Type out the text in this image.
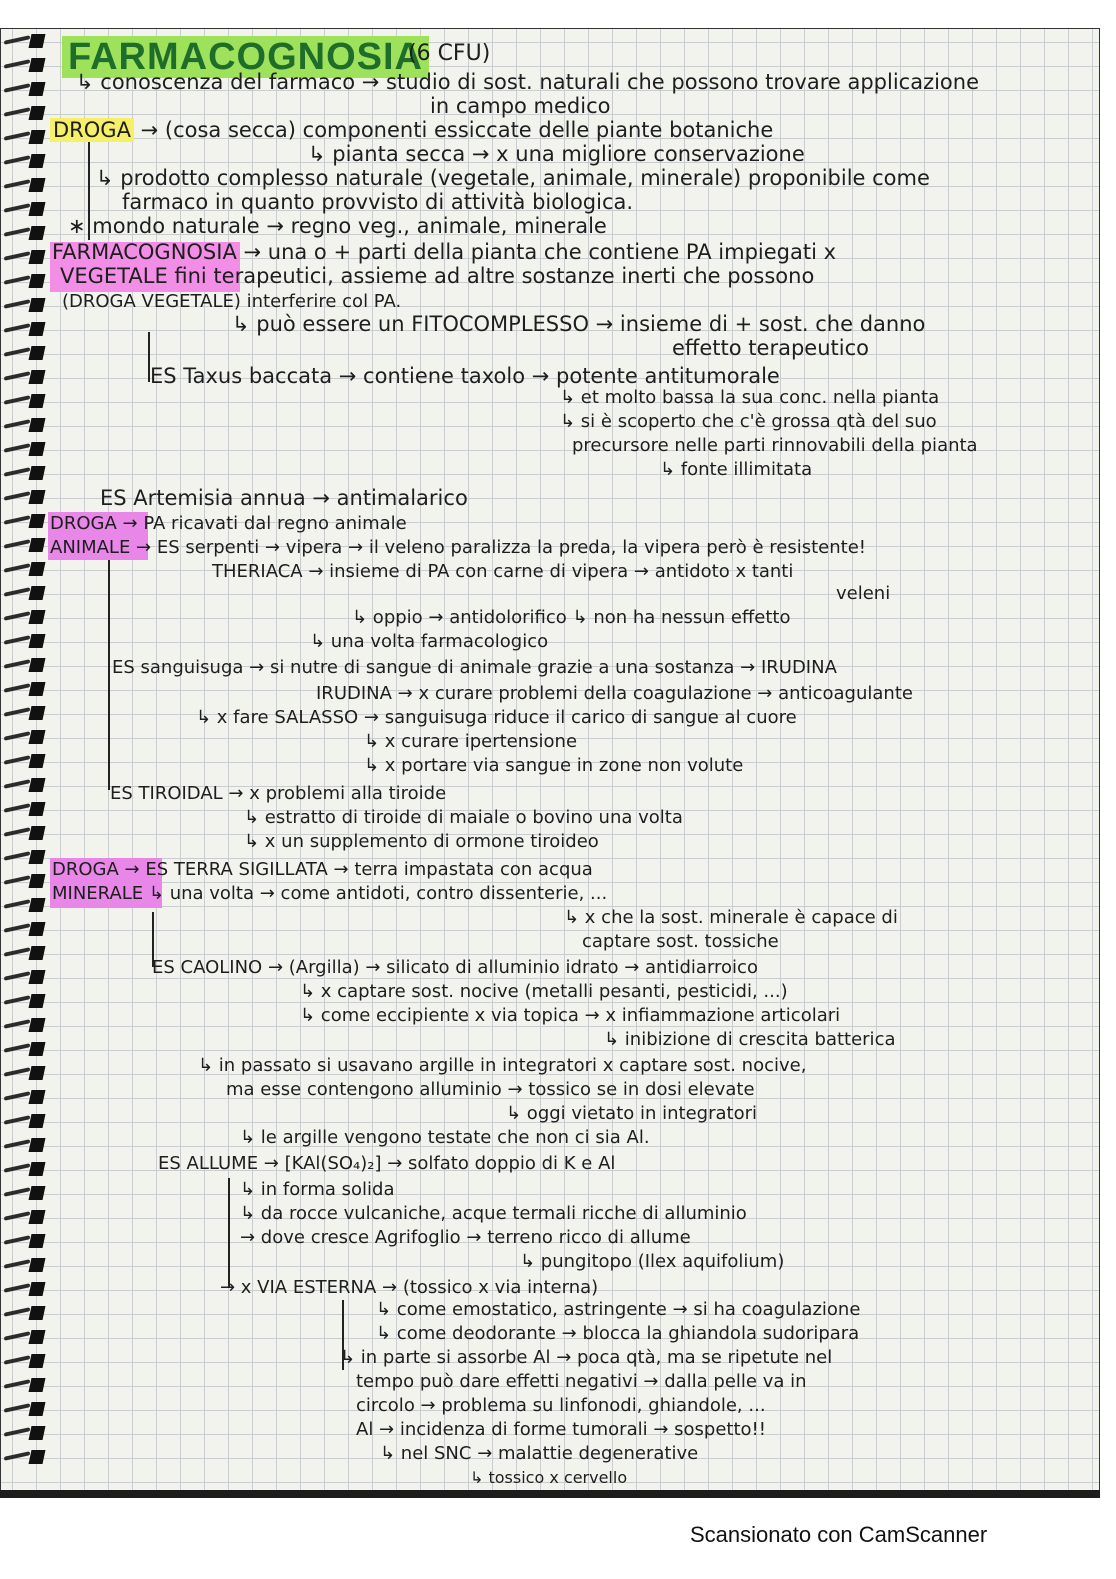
FARMACOGNOSIA
(6 CFU)
↳ conoscenza del farmaco → studio di sost. naturali che possono trovare applicazione
in campo medico
DROGA → (cosa secca) componenti essiccate delle piante botaniche
↳ pianta secca → x una migliore conservazione
↳ prodotto complesso naturale (vegetale, animale, minerale) proponibile come
farmaco in quanto provvisto di attività biologica.
∗ mondo naturale → regno veg., animale, minerale
FARMACOGNOSIA → una o + parti della pianta che contiene PA impiegati x
VEGETALE fini terapeutici, assieme ad altre sostanze inerti che possono
(DROGA VEGETALE) interferire col PA.
↳ può essere un FITOCOMPLESSO → insieme di + sost. che danno
effetto terapeutico
ES Taxus baccata → contiene taxolo → potente antitumorale
↳ et molto bassa la sua conc. nella pianta
↳ si è scoperto che c'è grossa qtà del suo
precursore nelle parti rinnovabili della pianta
↳ fonte illimitata
ES Artemisia annua → antimalarico
DROGA → PA ricavati dal regno animale
ANIMALE → ES serpenti → vipera → il veleno paralizza la preda, la vipera però è resistente!
THERIACA → insieme di PA con carne di vipera → antidoto x tanti
veleni
↳ oppio → antidolorifico ↳ non ha nessun effetto
↳ una volta farmacologico
ES sanguisuga → si nutre di sangue di animale grazie a una sostanza → IRUDINA
IRUDINA → x curare problemi della coagulazione → anticoagulante
↳ x fare SALASSO → sanguisuga riduce il carico di sangue al cuore
↳ x curare ipertensione
↳ x portare via sangue in zone non volute
ES TIROIDAL → x problemi alla tiroide
↳ estratto di tiroide di maiale o bovino una volta
↳ x un supplemento di ormone tiroideo
DROGA → ES TERRA SIGILLATA → terra impastata con acqua
MINERALE ↳ una volta → come antidoti, contro dissenterie, ...
↳ x che la sost. minerale è capace di
captare sost. tossiche
ES CAOLINO → (Argilla) → silicato di alluminio idrato → antidiarroico
↳ x captare sost. nocive (metalli pesanti, pesticidi, ...)
↳ come eccipiente x via topica → x infiammazione articolari
↳ inibizione di crescita batterica
↳ in passato si usavano argille in integratori x captare sost. nocive,
ma esse contengono alluminio → tossico se in dosi elevate
↳ oggi vietato in integratori
↳ le argille vengono testate che non ci sia Al.
ES ALLUME → [KAl(SO₄)₂] → solfato doppio di K e Al
↳ in forma solida
↳ da rocce vulcaniche, acque termali ricche di alluminio
→ dove cresce Agrifoglio → terreno ricco di allume
↳ pungitopo (Ilex aquifolium)
→ x VIA ESTERNA → (tossico x via interna)
↳ come emostatico, astringente → si ha coagulazione
↳ come deodorante → blocca la ghiandola sudoripara
↳ in parte si assorbe Al → poca qtà, ma se ripetute nel
tempo può dare effetti negativi → dalla pelle va in
circolo → problema su linfonodi, ghiandole, ...
Al → incidenza di forme tumorali → sospetto!!
↳ nel SNC → malattie degenerative
↳ tossico x cervello
Scansionato con CamScanner
